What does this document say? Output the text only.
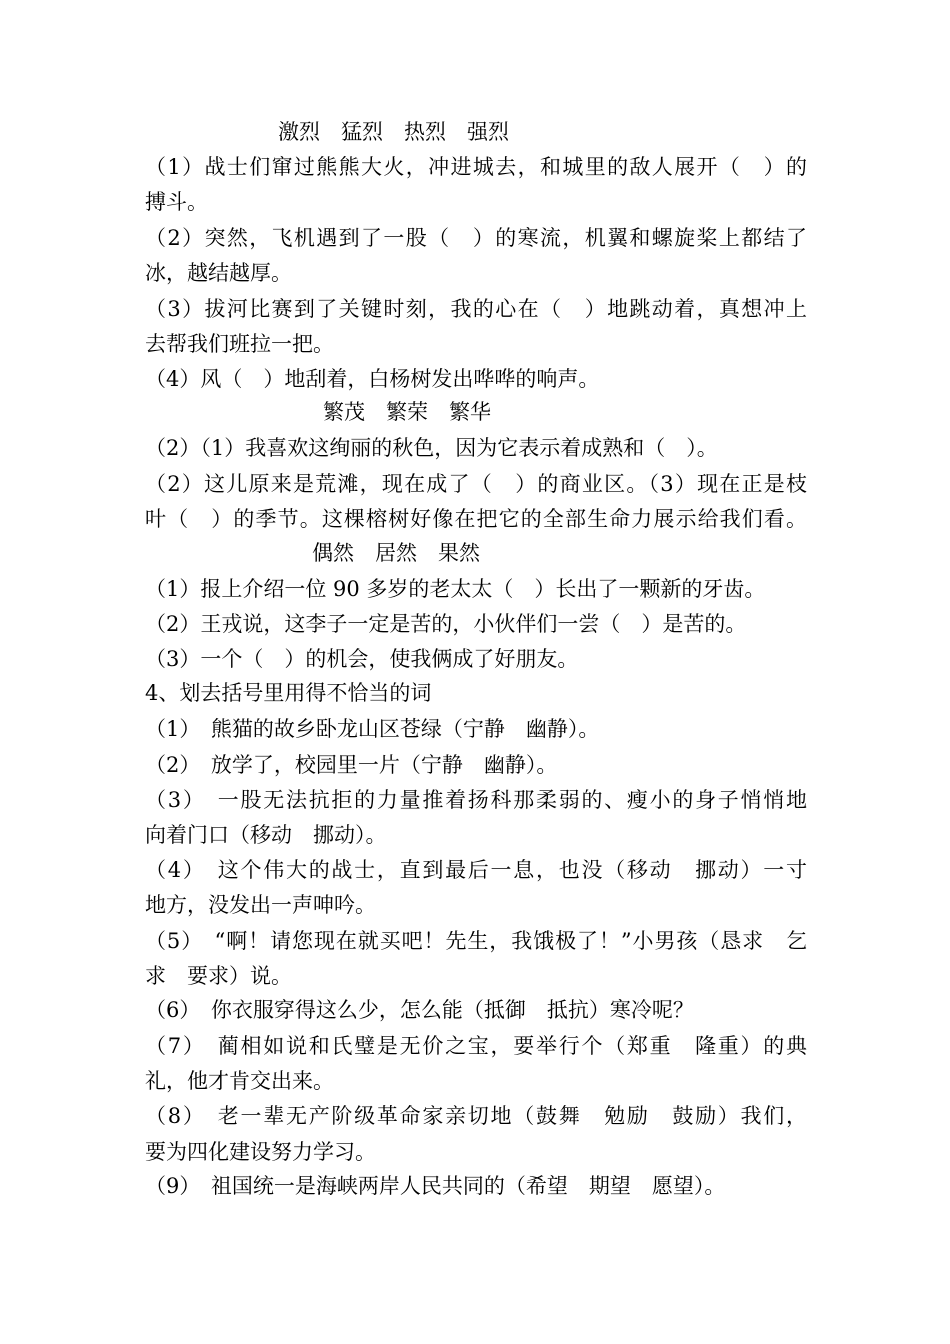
激烈　猛烈　热烈　强烈
（1）战士们窜过熊熊大火，冲进城去，和城里的敌人展开（　）的
搏斗。
（2）突然，飞机遇到了一股（　）的寒流，机翼和螺旋桨上都结了
冰，越结越厚。
（3）拔河比赛到了关键时刻，我的心在（　）地跳动着，真想冲上
去帮我们班拉一把。
（4）风（　）地刮着，白杨树发出哗哗的响声。
繁茂　繁荣　繁华
（2）（1）我喜欢这绚丽的秋色，因为它表示着成熟和（　）。
（2）这儿原来是荒滩，现在成了（　）的商业区。（3）现在正是枝
叶（　）的季节。这棵榕树好像在把它的全部生命力展示给我们看。
偶然　居然　果然
（1）报上介绍一位 90 多岁的老太太（　）长出了一颗新的牙齿。
（2）王戎说，这李子一定是苦的，小伙伴们一尝（　）是苦的。
（3）一个（　）的机会，使我俩成了好朋友。
4、划去括号里用得不恰当的词
（1）　熊猫的故乡卧龙山区苍绿（宁静　幽静）。
（2）　放学了，校园里一片（宁静　幽静）。
（3）　一股无法抗拒的力量推着扬科那柔弱的、瘦小的身子悄悄地
向着门口（移动　挪动）。
（4）　这个伟大的战士，直到最后一息，也没（移动　挪动）一寸
地方，没发出一声呻吟。
（5）　“啊！请您现在就买吧！先生，我饿极了！”小男孩（恳求　乞
求　要求）说。
（6）　你衣服穿得这么少，怎么能（抵御　抵抗）寒冷呢？
（7）　蔺相如说和氏璧是无价之宝，要举行个（郑重　隆重）的典
礼，他才肯交出来。
（8）　老一辈无产阶级革命家亲切地（鼓舞　勉励　鼓励）我们，
要为四化建设努力学习。
（9）　祖国统一是海峡两岸人民共同的（希望　期望　愿望）。
